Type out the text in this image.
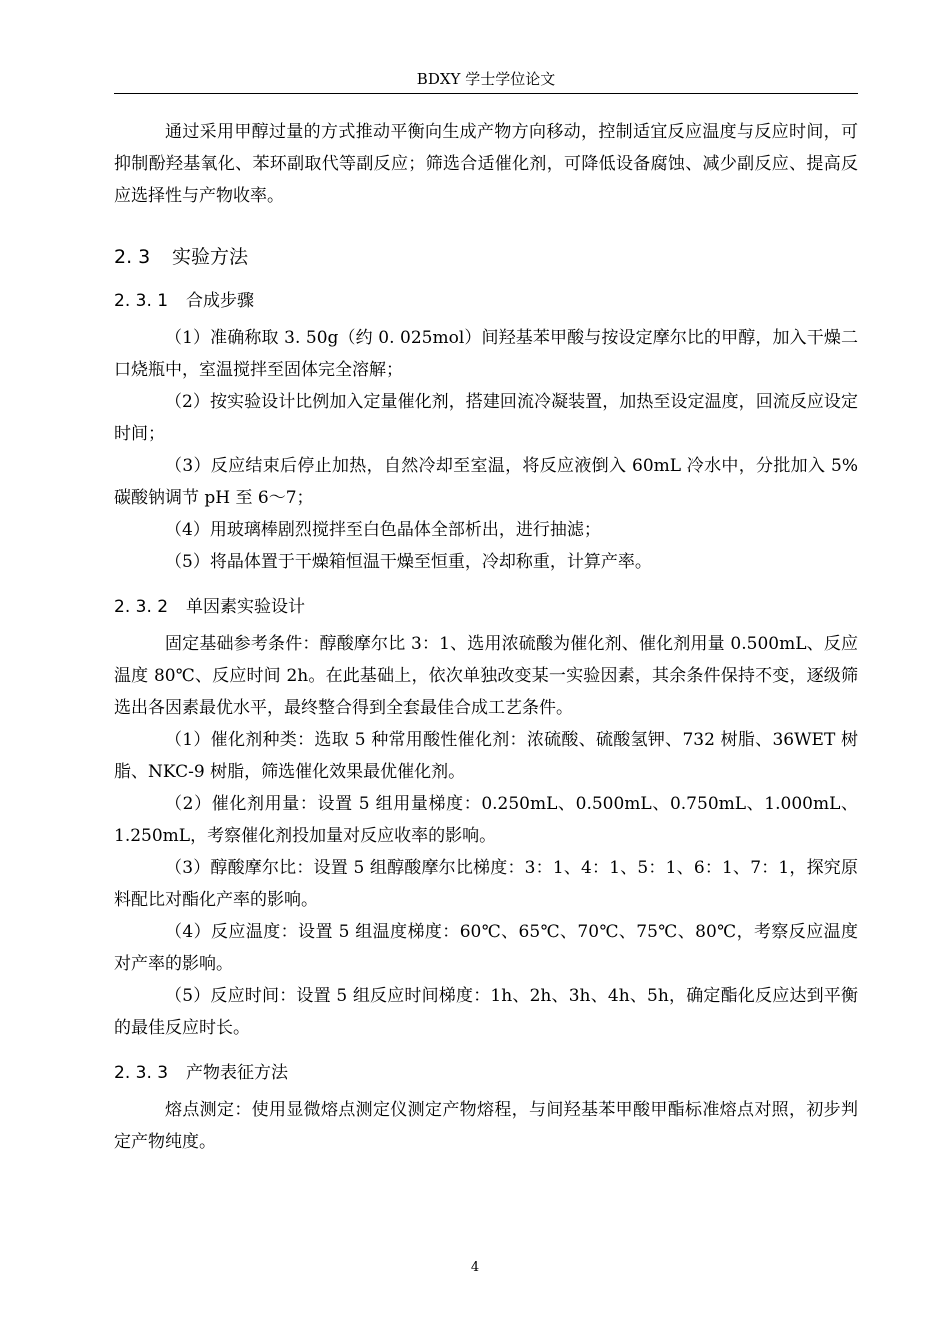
BDXY 学士学位论文

通过采用甲醇过量的方式推动平衡向生成产物方向移动，控制适宜反应温度与反应时间，可抑制酚羟基氧化、苯环副取代等副反应；筛选合适催化剂，可降低设备腐蚀、减少副反应、提高反应选择性与产物收率。

2. 3 实验方法
2. 3. 1 合成步骤

（1）准确称取 3. 50g（约 0. 025mol）间羟基苯甲酸与按设定摩尔比的甲醇，加入干燥二口烧瓶中，室温搅拌至固体完全溶解；

（2）按实验设计比例加入定量催化剂，搭建回流冷凝装置，加热至设定温度，回流反应设定时间；

（3）反应结束后停止加热，自然冷却至室温，将反应液倒入 60mL 冷水中，分批加入 5%碳酸钠调节 pH 至 6～7；

（4）用玻璃棒剧烈搅拌至白色晶体全部析出，进行抽滤；

（5）将晶体置于干燥箱恒温干燥至恒重，冷却称重，计算产率。

2. 3. 2 单因素实验设计

固定基础参考条件：醇酸摩尔比 3：1、选用浓硫酸为催化剂、催化剂用量 0.500mL、反应温度 80℃、反应时间 2h。在此基础上，依次单独改变某一实验因素，其余条件保持不变，逐级筛选出各因素最优水平，最终整合得到全套最佳合成工艺条件。

（1）催化剂种类：选取 5 种常用酸性催化剂：浓硫酸、硫酸氢钾、732 树脂、36WET 树脂、NKC-9 树脂，筛选催化效果最优催化剂。

（2）催化剂用量：设置 5 组用量梯度：0.250mL、0.500mL、0.750mL、1.000mL、1.250mL，考察催化剂投加量对反应收率的影响。

（3）醇酸摩尔比：设置 5 组醇酸摩尔比梯度：3：1、4：1、5：1、6：1、7：1，探究原料配比对酯化产率的影响。

（4）反应温度：设置 5 组温度梯度：60℃、65℃、70℃、75℃、80℃，考察反应温度对产率的影响。

（5）反应时间：设置 5 组反应时间梯度：1h、2h、3h、4h、5h，确定酯化反应达到平衡的最佳反应时长。

2. 3. 3 产物表征方法

熔点测定：使用显微熔点测定仪测定产物熔程，与间羟基苯甲酸甲酯标准熔点对照，初步判定产物纯度。

4
